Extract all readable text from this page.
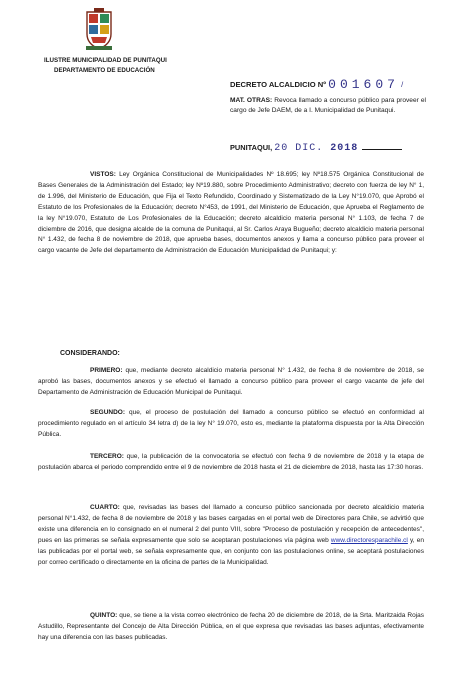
ILUSTRE MUNICIPALIDAD DE PUNITAQUI
DEPARTAMENTO DE EDUCACIÓN
DECRETO ALCALDICIO Nº 001607 /
MAT. OTRAS: Revoca llamado a concurso público para proveer el cargo de Jefe DAEM, de a I. Municipalidad de Punitaqui.
PUNITAQUI, 20 DIC. 2018
VISTOS: Ley Orgánica Constitucional de Municipalidades Nº 18.695; ley Nº18.575 Orgánica Constitucional de Bases Generales de la Administración del Estado; ley Nº19.880, sobre Procedimiento Administrativo; decreto con fuerza de ley N° 1, de 1.996, del Ministerio de Educación, que Fija el Texto Refundido, Coordinado y Sistematizado de la Ley N°19.070, que Aprobó el Estatuto de los Profesionales de la Educación; decreto N°453, de 1991, del Ministerio de Educación, que Aprueba el Reglamento de la ley N°19.070, Estatuto de Los Profesionales de la Educación; decreto alcaldicio materia personal N° 1.103, de fecha 7 de diciembre de 2016, que designa alcalde de la comuna de Punitaqui, al Sr. Carlos Araya Bugueño; decreto alcaldicio materia personal N° 1.432, de fecha 8 de noviembre de 2018, que aprueba bases, documentos anexos y llama a concurso público para proveer el cargo vacante de Jefe del departamento de Administración de Educación Municipalidad de Punitaqui; y:
CONSIDERANDO:
PRIMERO: que, mediante decreto alcaldicio materia personal N° 1.432, de fecha 8 de noviembre de 2018, se aprobó las bases, documentos anexos y se efectuó el llamado a concurso público para proveer el cargo vacante de jefe del Departamento de Administración de Educación Municipal de Punitaqui.
SEGUNDO: que, el proceso de postulación del llamado a concurso público se efectuó en conformidad al procedimiento regulado en el artículo 34 letra d) de la ley N° 19.070, esto es, mediante la plataforma dispuesta por la Alta Dirección Pública.
TERCERO: que, la publicación de la convocatoria se efectuó con fecha 9 de noviembre de 2018 y la etapa de postulación abarca el periodo comprendido entre el 9 de noviembre de 2018 hasta el 21 de diciembre de 2018, hasta las 17:30 horas.
CUARTO: que, revisadas las bases del llamado a concurso público sancionada por decreto alcaldicio materia personal N°1.432, de fecha 8 de noviembre de 2018 y las bases cargadas en el portal web de Directores para Chile, se advirtió que existe una diferencia en lo consignado en el numeral 2 del punto VIII, sobre "Proceso de postulación y recepción de antecedentes", pues en las primeras se señala expresamente que solo se aceptaran postulaciones vía página web www.directoresparachile.cl y, en las publicadas por el portal web, se señala expresamente que, en conjunto con las postulaciones online, se aceptará postulaciones por correo certificado o directamente en la oficina de partes de la Municipalidad.
QUINTO: que, se tiene a la vista correo electrónico de fecha 20 de diciembre de 2018, de la Srta. Maritzaida Rojas Astudillo, Representante del Concejo de Alta Dirección Pública, en el que expresa que revisadas las bases adjuntas, efectivamente hay una diferencia con las bases publicadas.
